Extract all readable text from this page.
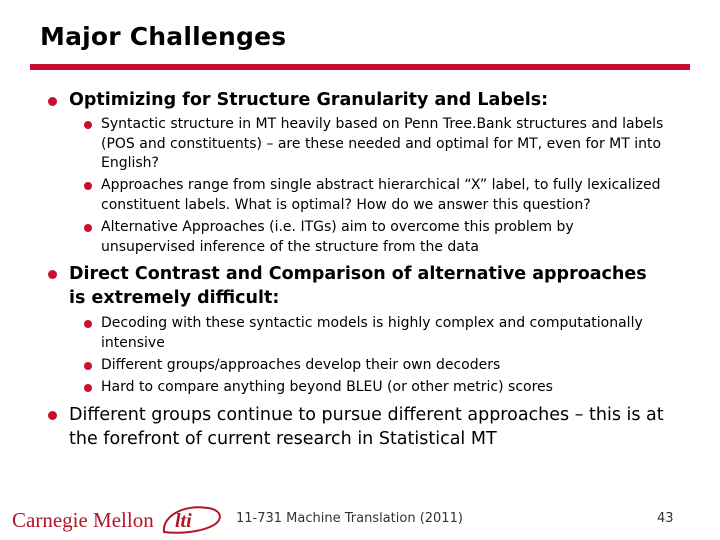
Major Challenges
Optimizing for Structure Granularity and Labels:
Syntactic structure in MT heavily based on Penn Tree.Bank structures and labels
(POS and constituents) – are these needed and optimal for MT, even for MT into
English?
Approaches range from single abstract hierarchical “X” label, to fully lexicalized
constituent labels. What is optimal? How do we answer this question?
Alternative Approaches (i.e. ITGs) aim to overcome this problem by
unsupervised inference of the structure from the data
Direct Contrast and Comparison of alternative approaches
is extremely difficult:
Decoding with these syntactic models is highly complex and computationally
intensive
Different groups/approaches develop their own decoders
Hard to compare anything beyond BLEU (or other metric) scores
Different groups continue to pursue different approaches – this is at
the forefront of current research in Statistical MT
Carnegie Mellon lti	11-731 Machine Translation (2011)	43
